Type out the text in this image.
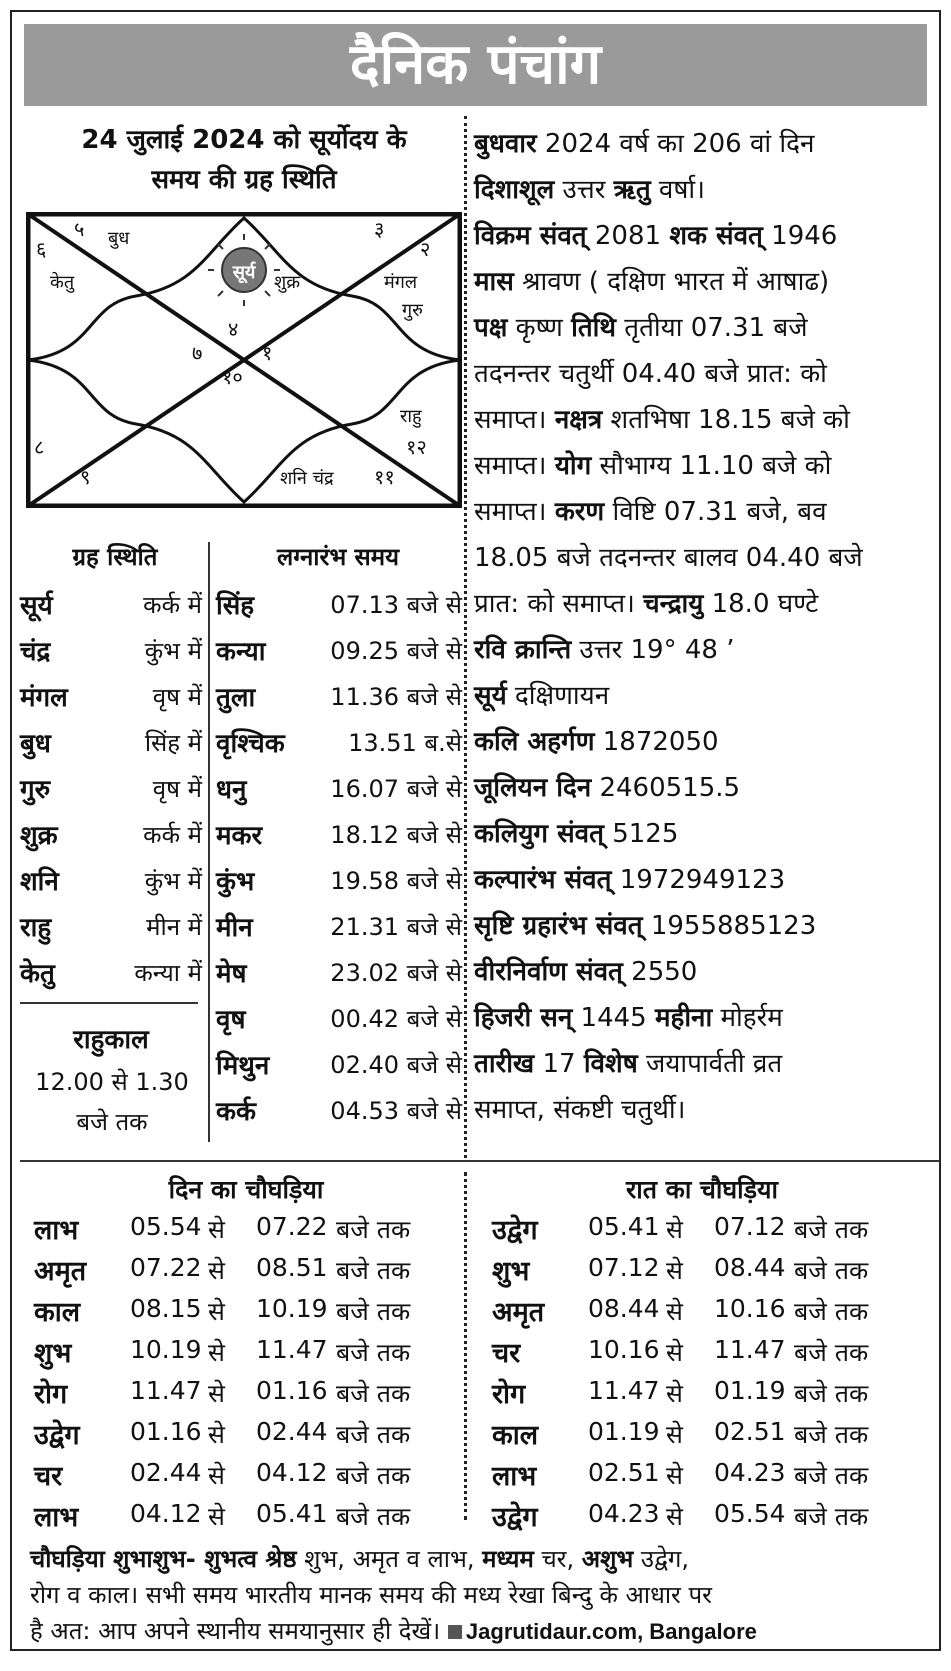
दैनिक पंचांग
24 जुलाई 2024 को सूर्योदय के
समय की ग्रह स्थिति
सूर्य शुक्र
बुध
केतु	मंगल
गुरु
राहु
शनि चंद्र
५
६
३
२
४
७	१
१०
८
९
१२
११
ग्रह स्थिति	लग्नारंभ समय
सूर्य	कर्क में
चंद्र	कुंभ में
मंगल	वृष में
बुध	सिंह में
गुरु	वृष में
शुक्र	कर्क में
शनि	कुंभ में
राहु	मीन में
केतु	कन्या में
राहुकाल
12.00 से 1.30
बजे तक
सिंह	07.13 बजे से
कन्या	09.25 बजे से
तुला	11.36 बजे से
वृश्चिक	13.51 ब.से
धनु	16.07 बजे से
मकर	18.12 बजे से
कुंभ	19.58 बजे से
मीन	21.31 बजे से
मेष	23.02 बजे से
वृष	00.42 बजे से
मिथुन	02.40 बजे से
कर्क	04.53 बजे से
बुधवार 2024 वर्ष का 206 वां दिन
दिशाशूल उत्तर ऋतु वर्षा।
विक्रम संवत् 2081 शक संवत् 1946
मास श्रावण ( दक्षिण भारत में आषाढ)
पक्ष कृष्ण तिथि तृतीया 07.31 बजे
तदनन्तर चतुर्थी 04.40 बजे प्रात: को
समाप्त। नक्षत्र शतभिषा 18.15 बजे को
समाप्त। योग सौभाग्य 11.10 बजे को
समाप्त। करण विष्टि 07.31 बजे, बव
18.05 बजे तदनन्तर बालव 04.40 बजे
प्रात: को समाप्त। चन्द्रायु 18.0 घण्टे
रवि क्रान्ति उत्तर 19° 48 ’
सूर्य दक्षिणायन
कलि अहर्गण 1872050
जूलियन दिन 2460515.5
कलियुग संवत् 5125
कल्पारंभ संवत् 1972949123
सृष्टि ग्रहारंभ संवत् 1955885123
वीरनिर्वाण संवत् 2550
हिजरी सन् 1445 महीना मोहर्रम
तारीख 17 विशेष जयापार्वती व्रत
समाप्त, संकष्टी चतुर्थी।
दिन का चौघड़िया	रात का चौघड़िया
लाभ 05.54 से 07.22 बजे तक
अमृत 07.22 से 08.51 बजे तक
काल 08.15 से 10.19 बजे तक
शुभ 10.19 से 11.47 बजे तक
रोग	11.47 से 01.16 बजे तक
उद्वेग 01.16 से 02.44 बजे तक
चर	02.44 से 04.12 बजे तक
लाभ 04.12 से 05.41 बजे तक
उद्वेग 05.41 से 07.12 बजे तक
शुभ 07.12 से 08.44 बजे तक
अमृत 08.44 से 10.16 बजे तक
चर	10.16 से 11.47 बजे तक
रोग	11.47 से 01.19 बजे तक
काल 01.19 से 02.51 बजे तक
लाभ 02.51 से 04.23 बजे तक
उद्वेग 04.23 से 05.54 बजे तक
चौघड़िया शुभाशुभ- शुभत्व श्रेष्ठ शुभ, अमृत व लाभ, मध्यम चर, अशुभ उद्वेग,
रोग व काल। सभी समय भारतीय मानक समय की मध्य रेखा बिन्दु के आधार पर
है अत: आप अपने स्थानीय समयानुसार ही देखें। Jagrutidaur.com, Bangalore
